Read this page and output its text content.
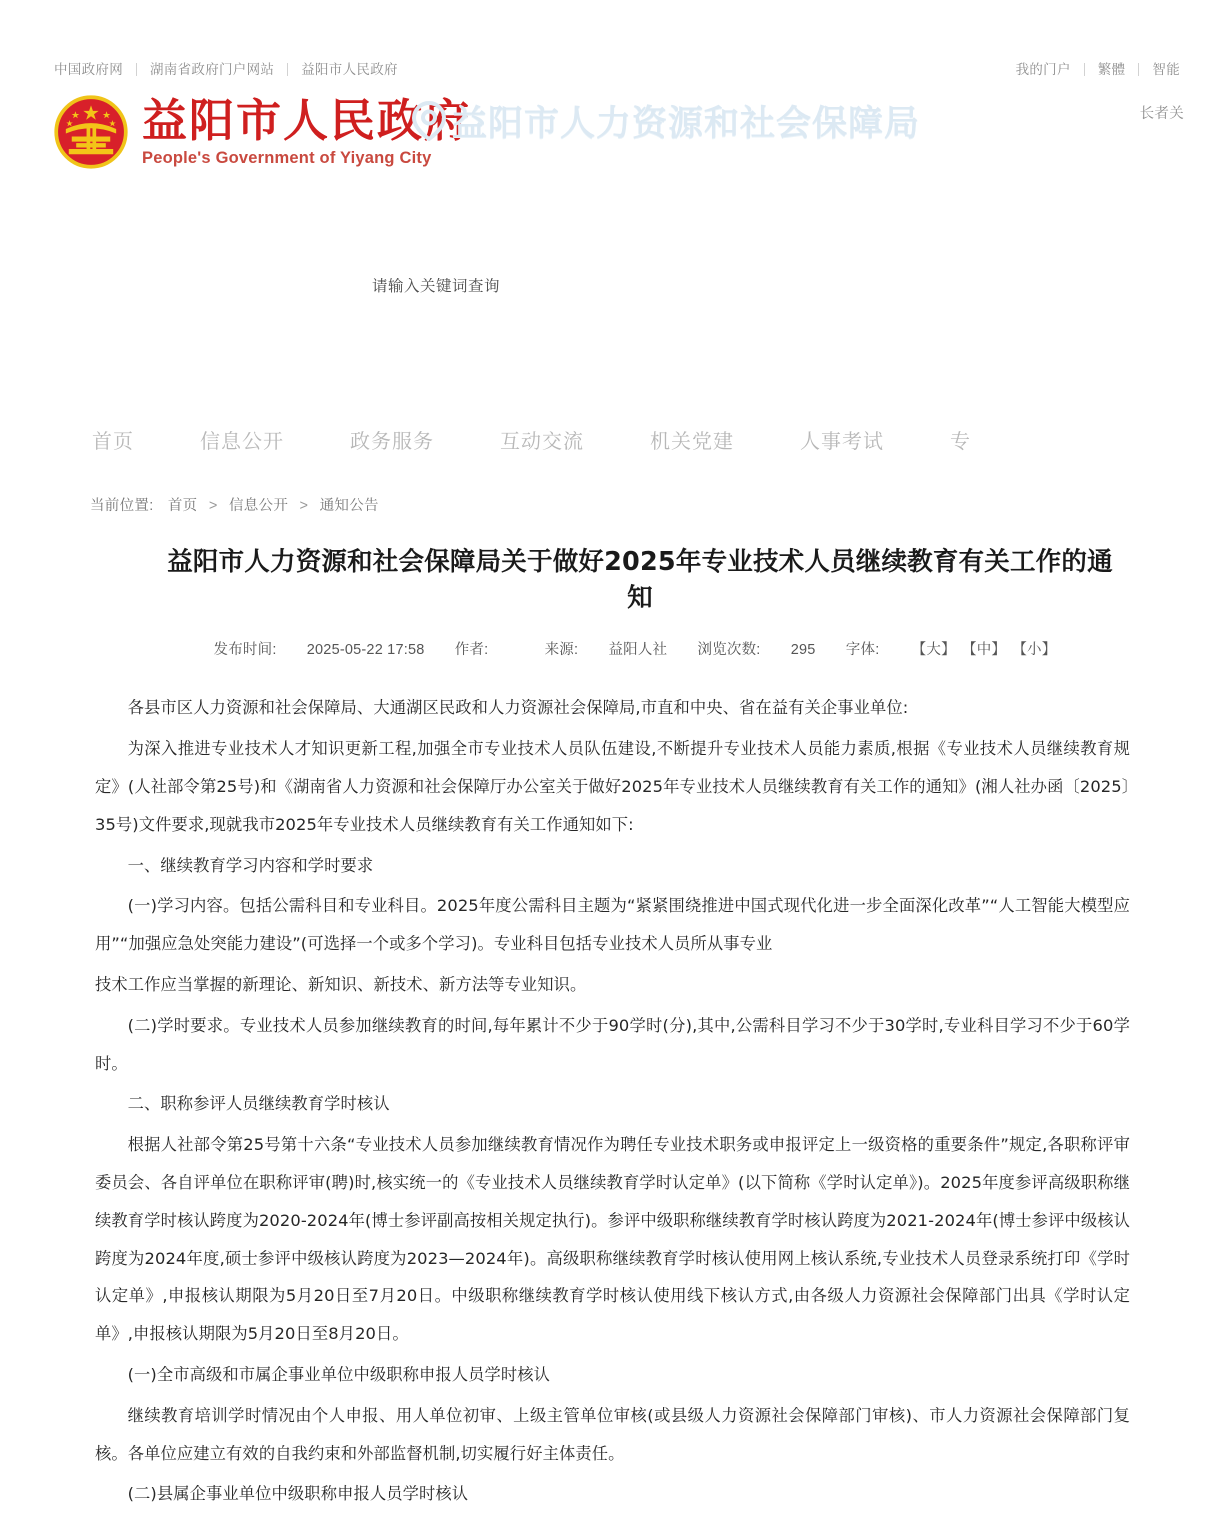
中国政府网 湖南省政府门户网站 益阳市人民政府	我的门户 繁體 智能
长者关
益阳市人民政府
People's Government of Yiyang City
益阳市人力资源和社会保障局
请输入关键词查询
首页	信息公开	政务服务	互动交流	机关党建	人事考试	专
当前位置: 首页 > 信息公开 > 通知公告
益阳市人力资源和社会保障局关于做好2025年专业技术人员继续教育有关工作的通知
发布时间: 2025-05-22 17:58 作者:	来源: 益阳人社 浏览次数: 295 字体: 【大】 【中】 【小】

各县市区人力资源和社会保障局、大通湖区民政和人力资源社会保障局,市直和中央、省在益有关企事业单位:

为深入推进专业技术人才知识更新工程,加强全市专业技术人员队伍建设,不断提升专业技术人员能力素质,根据《专业技术人员继续教育规定》(人社部令第25号)和《湖南省人力资源和社会保障厅办公室关于做好2025年专业技术人员继续教育有关工作的通知》(湘人社办函〔2025〕35号)文件要求,现就我市2025年专业技术人员继续教育有关工作通知如下:

一、继续教育学习内容和学时要求

(一)学习内容。包括公需科目和专业科目。2025年度公需科目主题为“紧紧围绕推进中国式现代化进一步全面深化改革”“人工智能大模型应用”“加强应急处突能力建设”(可选择一个或多个学习)。专业科目包括专业技术人员所从事专业

技术工作应当掌握的新理论、新知识、新技术、新方法等专业知识。

(二)学时要求。专业技术人员参加继续教育的时间,每年累计不少于90学时(分),其中,公需科目学习不少于30学时,专业科目学习不少于60学时。

二、职称参评人员继续教育学时核认

根据人社部令第25号第十六条“专业技术人员参加继续教育情况作为聘任专业技术职务或申报评定上一级资格的重要条件”规定,各职称评审委员会、各自评单位在职称评审(聘)时,核实统一的《专业技术人员继续教育学时认定单》(以下简称《学时认定单》)。2025年度参评高级职称继续教育学时核认跨度为2020-2024年(博士参评副高按相关规定执行)。参评中级职称继续教育学时核认跨度为2021-2024年(博士参评中级核认跨度为2024年度,硕士参评中级核认跨度为2023—2024年)。高级职称继续教育学时核认使用网上核认系统,专业技术人员登录系统打印《学时认定单》,申报核认期限为5月20日至7月20日。中级职称继续教育学时核认使用线下核认方式,由各级人力资源社会保障部门出具《学时认定单》,申报核认期限为5月20日至8月20日。

(一)全市高级和市属企事业单位中级职称申报人员学时核认

继续教育培训学时情况由个人申报、用人单位初审、上级主管单位审核(或县级人力资源社会保障部门审核)、市人力资源社会保障部门复核。各单位应建立有效的自我约束和外部监督机制,切实履行好主体责任。

(二)县属企事业单位中级职称申报人员学时核认
